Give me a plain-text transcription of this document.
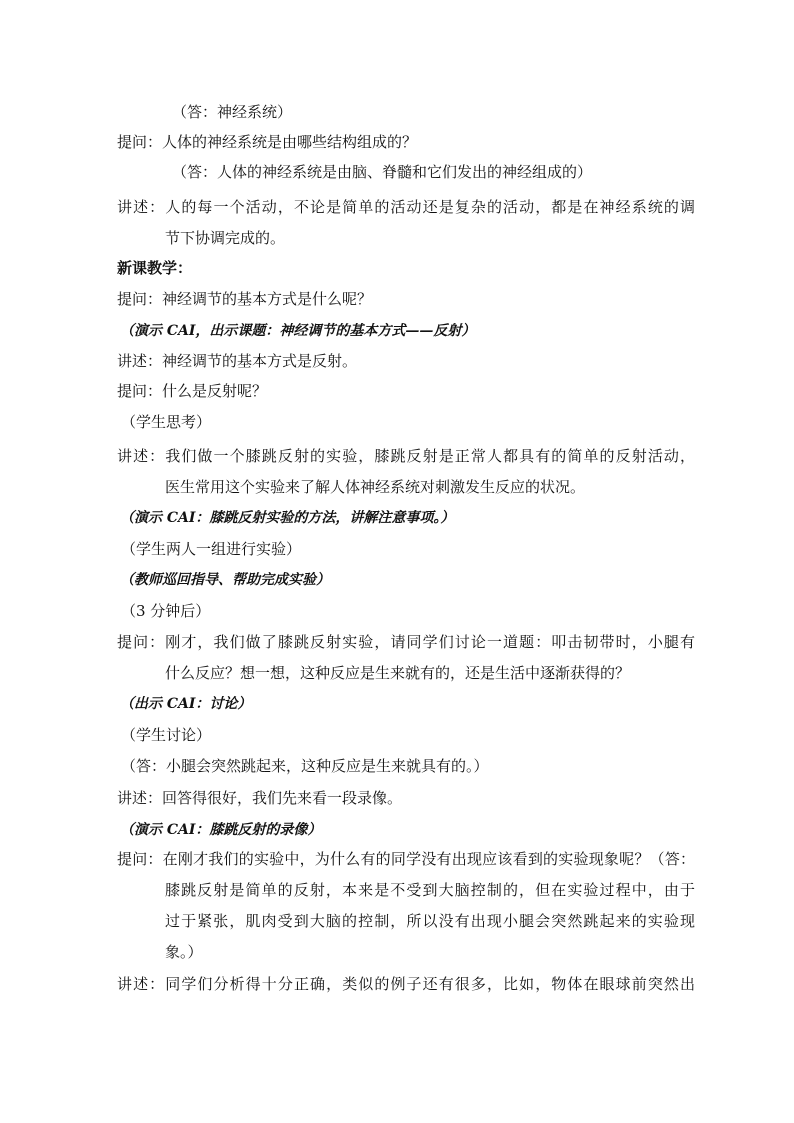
（答：神经系统）
提问：人体的神经系统是由哪些结构组成的？
（答：人体的神经系统是由脑、脊髓和它们发出的神经组成的）
讲述：人的每一个活动，不论是简单的活动还是复杂的活动，都是在神经系统的调
节下协调完成的。
新课教学：
提问：神经调节的基本方式是什么呢？
（演示 CAI，出示课题：神经调节的基本方式——反射）
讲述：神经调节的基本方式是反射。
提问：什么是反射呢？
（学生思考）
讲述：我们做一个膝跳反射的实验，膝跳反射是正常人都具有的简单的反射活动，
医生常用这个实验来了解人体神经系统对刺激发生反应的状况。
（演示 CAI：膝跳反射实验的方法，讲解注意事项。）
（学生两人一组进行实验）
（教师巡回指导、帮助完成实验）
（3 分钟后）
提问：刚才，我们做了膝跳反射实验，请同学们讨论一道题：叩击韧带时，小腿有
什么反应？想一想，这种反应是生来就有的，还是生活中逐渐获得的？
（出示 CAI：讨论）
（学生讨论）
（答：小腿会突然跳起来，这种反应是生来就具有的。）
讲述：回答得很好，我们先来看一段录像。
（演示 CAI：膝跳反射的录像）
提问：在刚才我们的实验中，为什么有的同学没有出现应该看到的实验现象呢？（答：
膝跳反射是简单的反射，本来是不受到大脑控制的，但在实验过程中，由于
过于紧张，肌肉受到大脑的控制，所以没有出现小腿会突然跳起来的实验现
象。）
讲述：同学们分析得十分正确，类似的例子还有很多，比如，物体在眼球前突然出
